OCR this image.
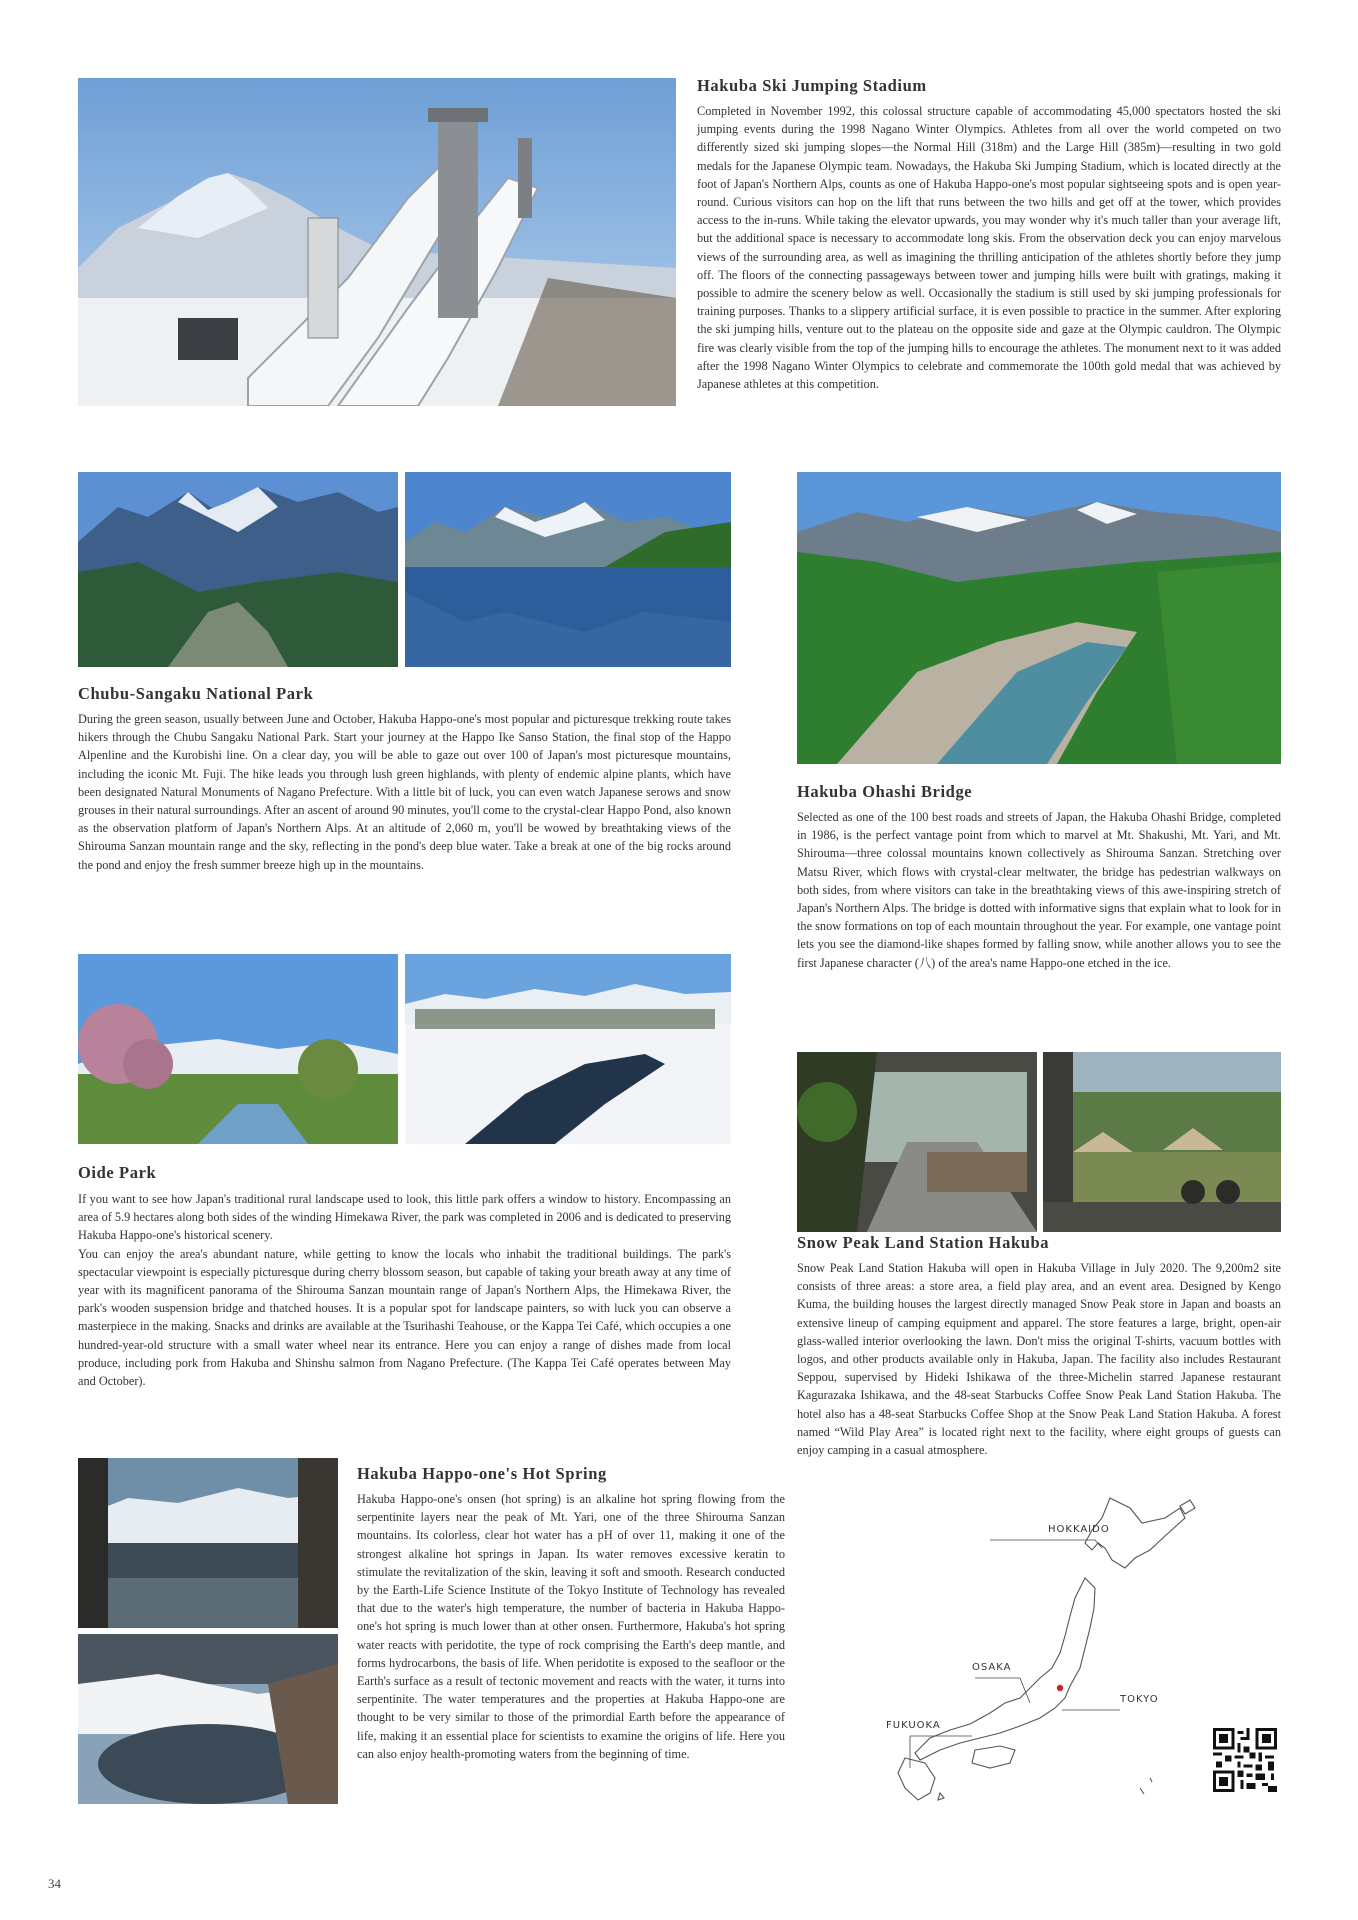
Hakuba Ski Jumping Stadium
Completed in November 1992, this colossal structure capable of accommodating 45,000 spectators hosted the ski jumping events during the 1998 Nagano Winter Olympics. Athletes from all over the world competed on two differently sized ski jumping slopes—the Normal Hill (318m) and the Large Hill (385m)—resulting in two gold medals for the Japanese Olympic team. Nowadays, the Hakuba Ski Jumping Stadium, which is located directly at the foot of Japan's Northern Alps, counts as one of Hakuba Happo-one's most popular sightseeing spots and is open year-round. Curious visitors can hop on the lift that runs between the two hills and get off at the tower, which provides access to the in-runs. While taking the elevator upwards, you may wonder why it's much taller than your average lift, but the additional space is necessary to accommodate long skis. From the observation deck you can enjoy marvelous views of the surrounding area, as well as imagining the thrilling anticipation of the athletes shortly before they jump off. The floors of the connecting passageways between tower and jumping hills were built with gratings, making it possible to admire the scenery below as well. Occasionally the stadium is still used by ski jumping professionals for training purposes. Thanks to a slippery artificial surface, it is even possible to practice in the summer. After exploring the ski jumping hills, venture out to the plateau on the opposite side and gaze at the Olympic cauldron. The Olympic fire was clearly visible from the top of the jumping hills to encourage the athletes. The monument next to it was added after the 1998 Nagano Winter Olympics to celebrate and commemorate the 100th gold medal that was achieved by Japanese athletes at this competition.
Chubu-Sangaku National Park
During the green season, usually between June and October, Hakuba Happo-one's most popular and picturesque trekking route takes hikers through the Chubu Sangaku National Park. Start your journey at the Happo Ike Sanso Station, the final stop of the Happo Alpenline and the Kurobishi line. On a clear day, you will be able to gaze out over 100 of Japan's most picturesque mountains, including the iconic Mt. Fuji. The hike leads you through lush green highlands, with plenty of endemic alpine plants, which have been designated Natural Monuments of Nagano Prefecture. With a little bit of luck, you can even watch Japanese serows and snow grouses in their natural surroundings. After an ascent of around 90 minutes, you'll come to the crystal-clear Happo Pond, also known as the observation platform of Japan's Northern Alps. At an altitude of 2,060 m, you'll be wowed by breathtaking views of the Shirouma Sanzan mountain range and the sky, reflecting in the pond's deep blue water. Take a break at one of the big rocks around the pond and enjoy the fresh summer breeze high up in the mountains.
Hakuba Ohashi Bridge
Selected as one of the 100 best roads and streets of Japan, the Hakuba Ohashi Bridge, completed in 1986, is the perfect vantage point from which to marvel at Mt. Shakushi, Mt. Yari, and Mt. Shirouma—three colossal mountains known collectively as Shirouma Sanzan. Stretching over Matsu River, which flows with crystal-clear meltwater, the bridge has pedestrian walkways on both sides, from where visitors can take in the breathtaking views of this awe-inspiring stretch of Japan's Northern Alps. The bridge is dotted with informative signs that explain what to look for in the snow formations on top of each mountain throughout the year. For example, one vantage point lets you see the diamond-like shapes formed by falling snow, while another allows you to see the first Japanese character (八) of the area's name Happo-one etched in the ice.
Oide Park

If you want to see how Japan's traditional rural landscape used to look, this little park offers a window to history. Encompassing an area of 5.9 hectares along both sides of the winding Himekawa River, the park was completed in 2006 and is dedicated to preserving Hakuba Happo-one's historical scenery.

You can enjoy the area's abundant nature, while getting to know the locals who inhabit the traditional buildings. The park's spectacular viewpoint is especially picturesque during cherry blossom season, but capable of taking your breath away at any time of year with its magnificent panorama of the Shirouma Sanzan mountain range of Japan's Northern Alps, the Himekawa River, the park's wooden suspension bridge and thatched houses. It is a popular spot for landscape painters, so with luck you can observe a masterpiece in the making. Snacks and drinks are available at the Tsurihashi Teahouse, or the Kappa Tei Café, which occupies a one hundred-year-old structure with a small water wheel near its entrance. Here you can enjoy a range of dishes made from local produce, including pork from Hakuba and Shinshu salmon from Nagano Prefecture. (The Kappa Tei Café operates between May and October).

Snow Peak Land Station Hakuba
Snow Peak Land Station Hakuba will open in Hakuba Village in July 2020. The 9,200m2 site consists of three areas: a store area, a field play area, and an event area. Designed by Kengo Kuma, the building houses the largest directly managed Snow Peak store in Japan and boasts an extensive lineup of camping equipment and apparel. The store features a large, bright, open-air glass-walled interior overlooking the lawn. Don't miss the original T-shirts, vacuum bottles with logos, and other products available only in Hakuba, Japan. The facility also includes Restaurant Seppou, supervised by Hideki Ishikawa of the three-Michelin starred Japanese restaurant Kagurazaka Ishikawa, and the 48-seat Starbucks Coffee Snow Peak Land Station Hakuba. The hotel also has a 48-seat Starbucks Coffee Shop at the Snow Peak Land Station Hakuba. A forest named “Wild Play Area” is located right next to the facility, where eight groups of guests can enjoy camping in a casual atmosphere.
Hakuba Happo-one's Hot Spring
Hakuba Happo-one's onsen (hot spring) is an alkaline hot spring flowing from the serpentinite layers near the peak of Mt. Yari, one of the three Shirouma Sanzan mountains. Its colorless, clear hot water has a pH of over 11, making it one of the strongest alkaline hot springs in Japan. Its water removes excessive keratin to stimulate the revitalization of the skin, leaving it soft and smooth. Research conducted by the Earth-Life Science Institute of the Tokyo Institute of Technology has revealed that due to the water's high temperature, the number of bacteria in Hakuba Happo-one's hot spring is much lower than at other onsen. Furthermore, Hakuba's hot spring water reacts with peridotite, the type of rock comprising the Earth's deep mantle, and forms hydrocarbons, the basis of life. When peridotite is exposed to the seafloor or the Earth's surface as a result of tectonic movement and reacts with the water, it turns into serpentinite. The water temperatures and the properties at Hakuba Happo-one are thought to be very similar to those of the primordial Earth before the appearance of life, making it an essential place for scientists to examine the origins of life. Here you can also enjoy health-promoting waters from the beginning of time.
HOKKAIDO
OSAKA
TOKYO
FUKUOKA
34
